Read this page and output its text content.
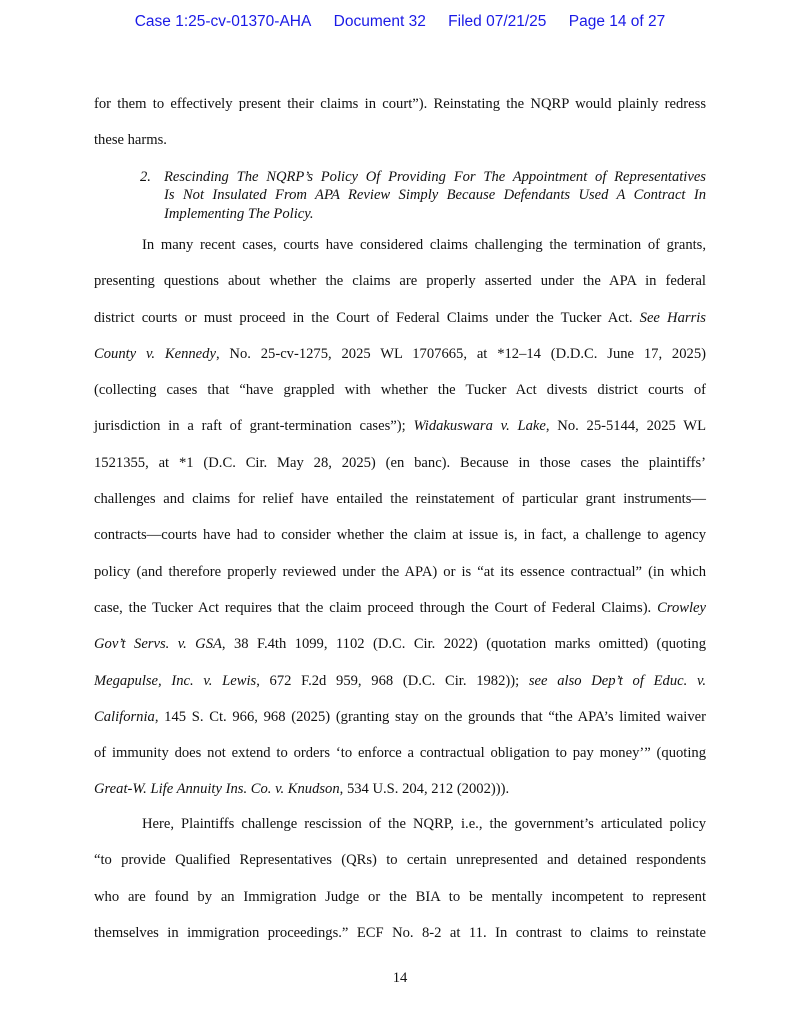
Case 1:25-cv-01370-AHA Document 32 Filed 07/21/25 Page 14 of 27
for them to effectively present their claims in court”). Reinstating the NQRP would plainly redress
these harms.
2. Rescinding The NQRP’s Policy Of Providing For The Appointment of Representatives
Is Not Insulated From APA Review Simply Because Defendants Used A Contract In
Implementing The Policy.
In many recent cases, courts have considered claims challenging the termination of grants,
presenting questions about whether the claims are properly asserted under the APA in federal
district courts or must proceed in the Court of Federal Claims under the Tucker Act. See Harris
County v. Kennedy, No. 25-cv-1275, 2025 WL 1707665, at *12–14 (D.D.C. June 17, 2025)
(collecting cases that “have grappled with whether the Tucker Act divests district courts of
jurisdiction in a raft of grant-termination cases”); Widakuswara v. Lake, No. 25-5144, 2025 WL
1521355, at *1 (D.C. Cir. May 28, 2025) (en banc). Because in those cases the plaintiffs’
challenges and claims for relief have entailed the reinstatement of particular grant instruments—
contracts—courts have had to consider whether the claim at issue is, in fact, a challenge to agency
policy (and therefore properly reviewed under the APA) or is “at its essence contractual” (in which
case, the Tucker Act requires that the claim proceed through the Court of Federal Claims). Crowley
Gov’t Servs. v. GSA, 38 F.4th 1099, 1102 (D.C. Cir. 2022) (quotation marks omitted) (quoting
Megapulse, Inc. v. Lewis, 672 F.2d 959, 968 (D.C. Cir. 1982)); see also Dep’t of Educ. v.
California, 145 S. Ct. 966, 968 (2025) (granting stay on the grounds that “the APA’s limited waiver
of immunity does not extend to orders ‘to enforce a contractual obligation to pay money’” (quoting
Great-W. Life Annuity Ins. Co. v. Knudson, 534 U.S. 204, 212 (2002))).
Here, Plaintiffs challenge rescission of the NQRP, i.e., the government’s articulated policy
“to provide Qualified Representatives (QRs) to certain unrepresented and detained respondents
who are found by an Immigration Judge or the BIA to be mentally incompetent to represent
themselves in immigration proceedings.” ECF No. 8-2 at 11. In contrast to claims to reinstate
14
